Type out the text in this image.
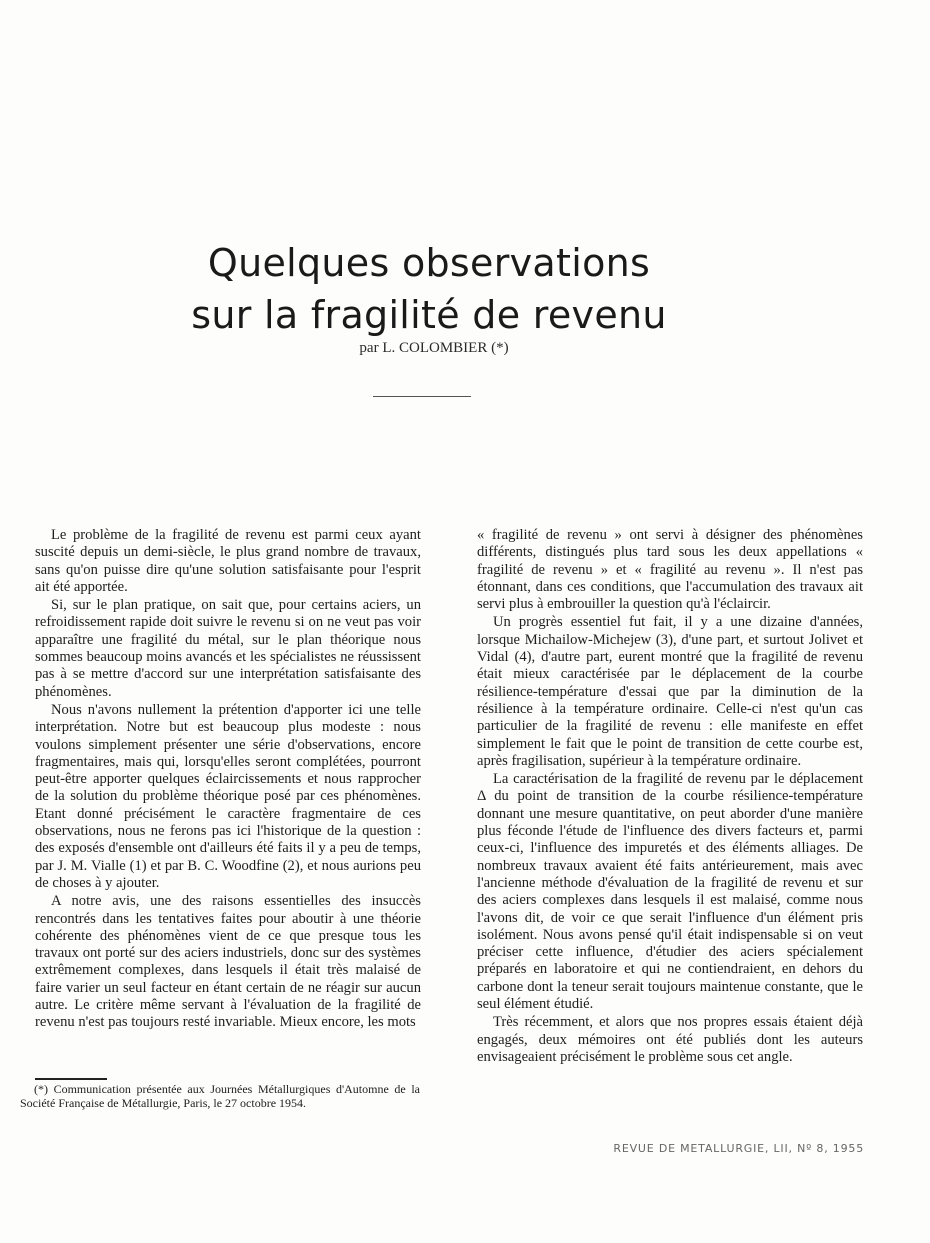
Quelques observations
sur la fragilité de revenu
par L. COLOMBIER (*)

Le problème de la fragilité de revenu est parmi ceux ayant suscité depuis un demi-siècle, le plus grand nombre de travaux, sans qu'on puisse dire qu'une solution satisfaisante pour l'esprit ait été apportée.

Si, sur le plan pratique, on sait que, pour certains aciers, un refroidissement rapide doit suivre le revenu si on ne veut pas voir apparaître une fragilité du métal, sur le plan théorique nous sommes beaucoup moins avancés et les spécialistes ne réussissent pas à se mettre d'accord sur une interprétation satisfaisante des phénomènes.

Nous n'avons nullement la prétention d'apporter ici une telle interprétation. Notre but est beaucoup plus modeste : nous voulons simplement présenter une série d'observations, encore fragmentaires, mais qui, lorsqu'elles seront complétées, pourront peut-être apporter quelques éclaircissements et nous rapprocher de la solution du problème théorique posé par ces phénomènes. Etant donné précisément le caractère fragmentaire de ces observations, nous ne ferons pas ici l'historique de la question : des exposés d'ensemble ont d'ailleurs été faits il y a peu de temps, par J. M. Vialle (1) et par B. C. Woodfine (2), et nous aurions peu de choses à y ajouter.

A notre avis, une des raisons essentielles des insuccès rencontrés dans les tentatives faites pour aboutir à une théorie cohérente des phénomènes vient de ce que presque tous les travaux ont porté sur des aciers industriels, donc sur des systèmes extrêmement complexes, dans lesquels il était très malaisé de faire varier un seul facteur en étant certain de ne réagir sur aucun autre. Le critère même servant à l'évaluation de la fragilité de revenu n'est pas toujours resté invariable. Mieux encore, les mots

« fragilité de revenu » ont servi à désigner des phénomènes différents, distingués plus tard sous les deux appellations « fragilité de revenu » et « fragilité au revenu ». Il n'est pas étonnant, dans ces conditions, que l'accumulation des travaux ait servi plus à embrouiller la question qu'à l'éclaircir.

Un progrès essentiel fut fait, il y a une dizaine d'années, lorsque Michailow-Michejew (3), d'une part, et surtout Jolivet et Vidal (4), d'autre part, eurent montré que la fragilité de revenu était mieux caractérisée par le déplacement de la courbe résilience-température d'essai que par la diminution de la résilience à la température ordinaire. Celle-ci n'est qu'un cas particulier de la fragilité de revenu : elle manifeste en effet simplement le fait que le point de transition de cette courbe est, après fragilisation, supérieur à la température ordinaire.

La caractérisation de la fragilité de revenu par le déplacement Δ du point de transition de la courbe résilience-température donnant une mesure quantitative, on peut aborder d'une manière plus féconde l'étude de l'influence des divers facteurs et, parmi ceux-ci, l'influence des impuretés et des éléments alliages. De nombreux travaux avaient été faits antérieurement, mais avec l'ancienne méthode d'évaluation de la fragilité de revenu et sur des aciers complexes dans lesquels il est malaisé, comme nous l'avons dit, de voir ce que serait l'influence d'un élément pris isolément. Nous avons pensé qu'il était indispensable si on veut préciser cette influence, d'étudier des aciers spécialement préparés en laboratoire et qui ne contiendraient, en dehors du carbone dont la teneur serait toujours maintenue constante, que le seul élément étudié.

Très récemment, et alors que nos propres essais étaient déjà engagés, deux mémoires ont été publiés dont les auteurs envisageaient précisément le problème sous cet angle.

(*) Communication présentée aux Journées Métallurgiques d'Automne de la Société Française de Métallurgie, Paris, le 27 octobre 1954.
REVUE DE METALLURGIE, LII, Nº 8, 1955
